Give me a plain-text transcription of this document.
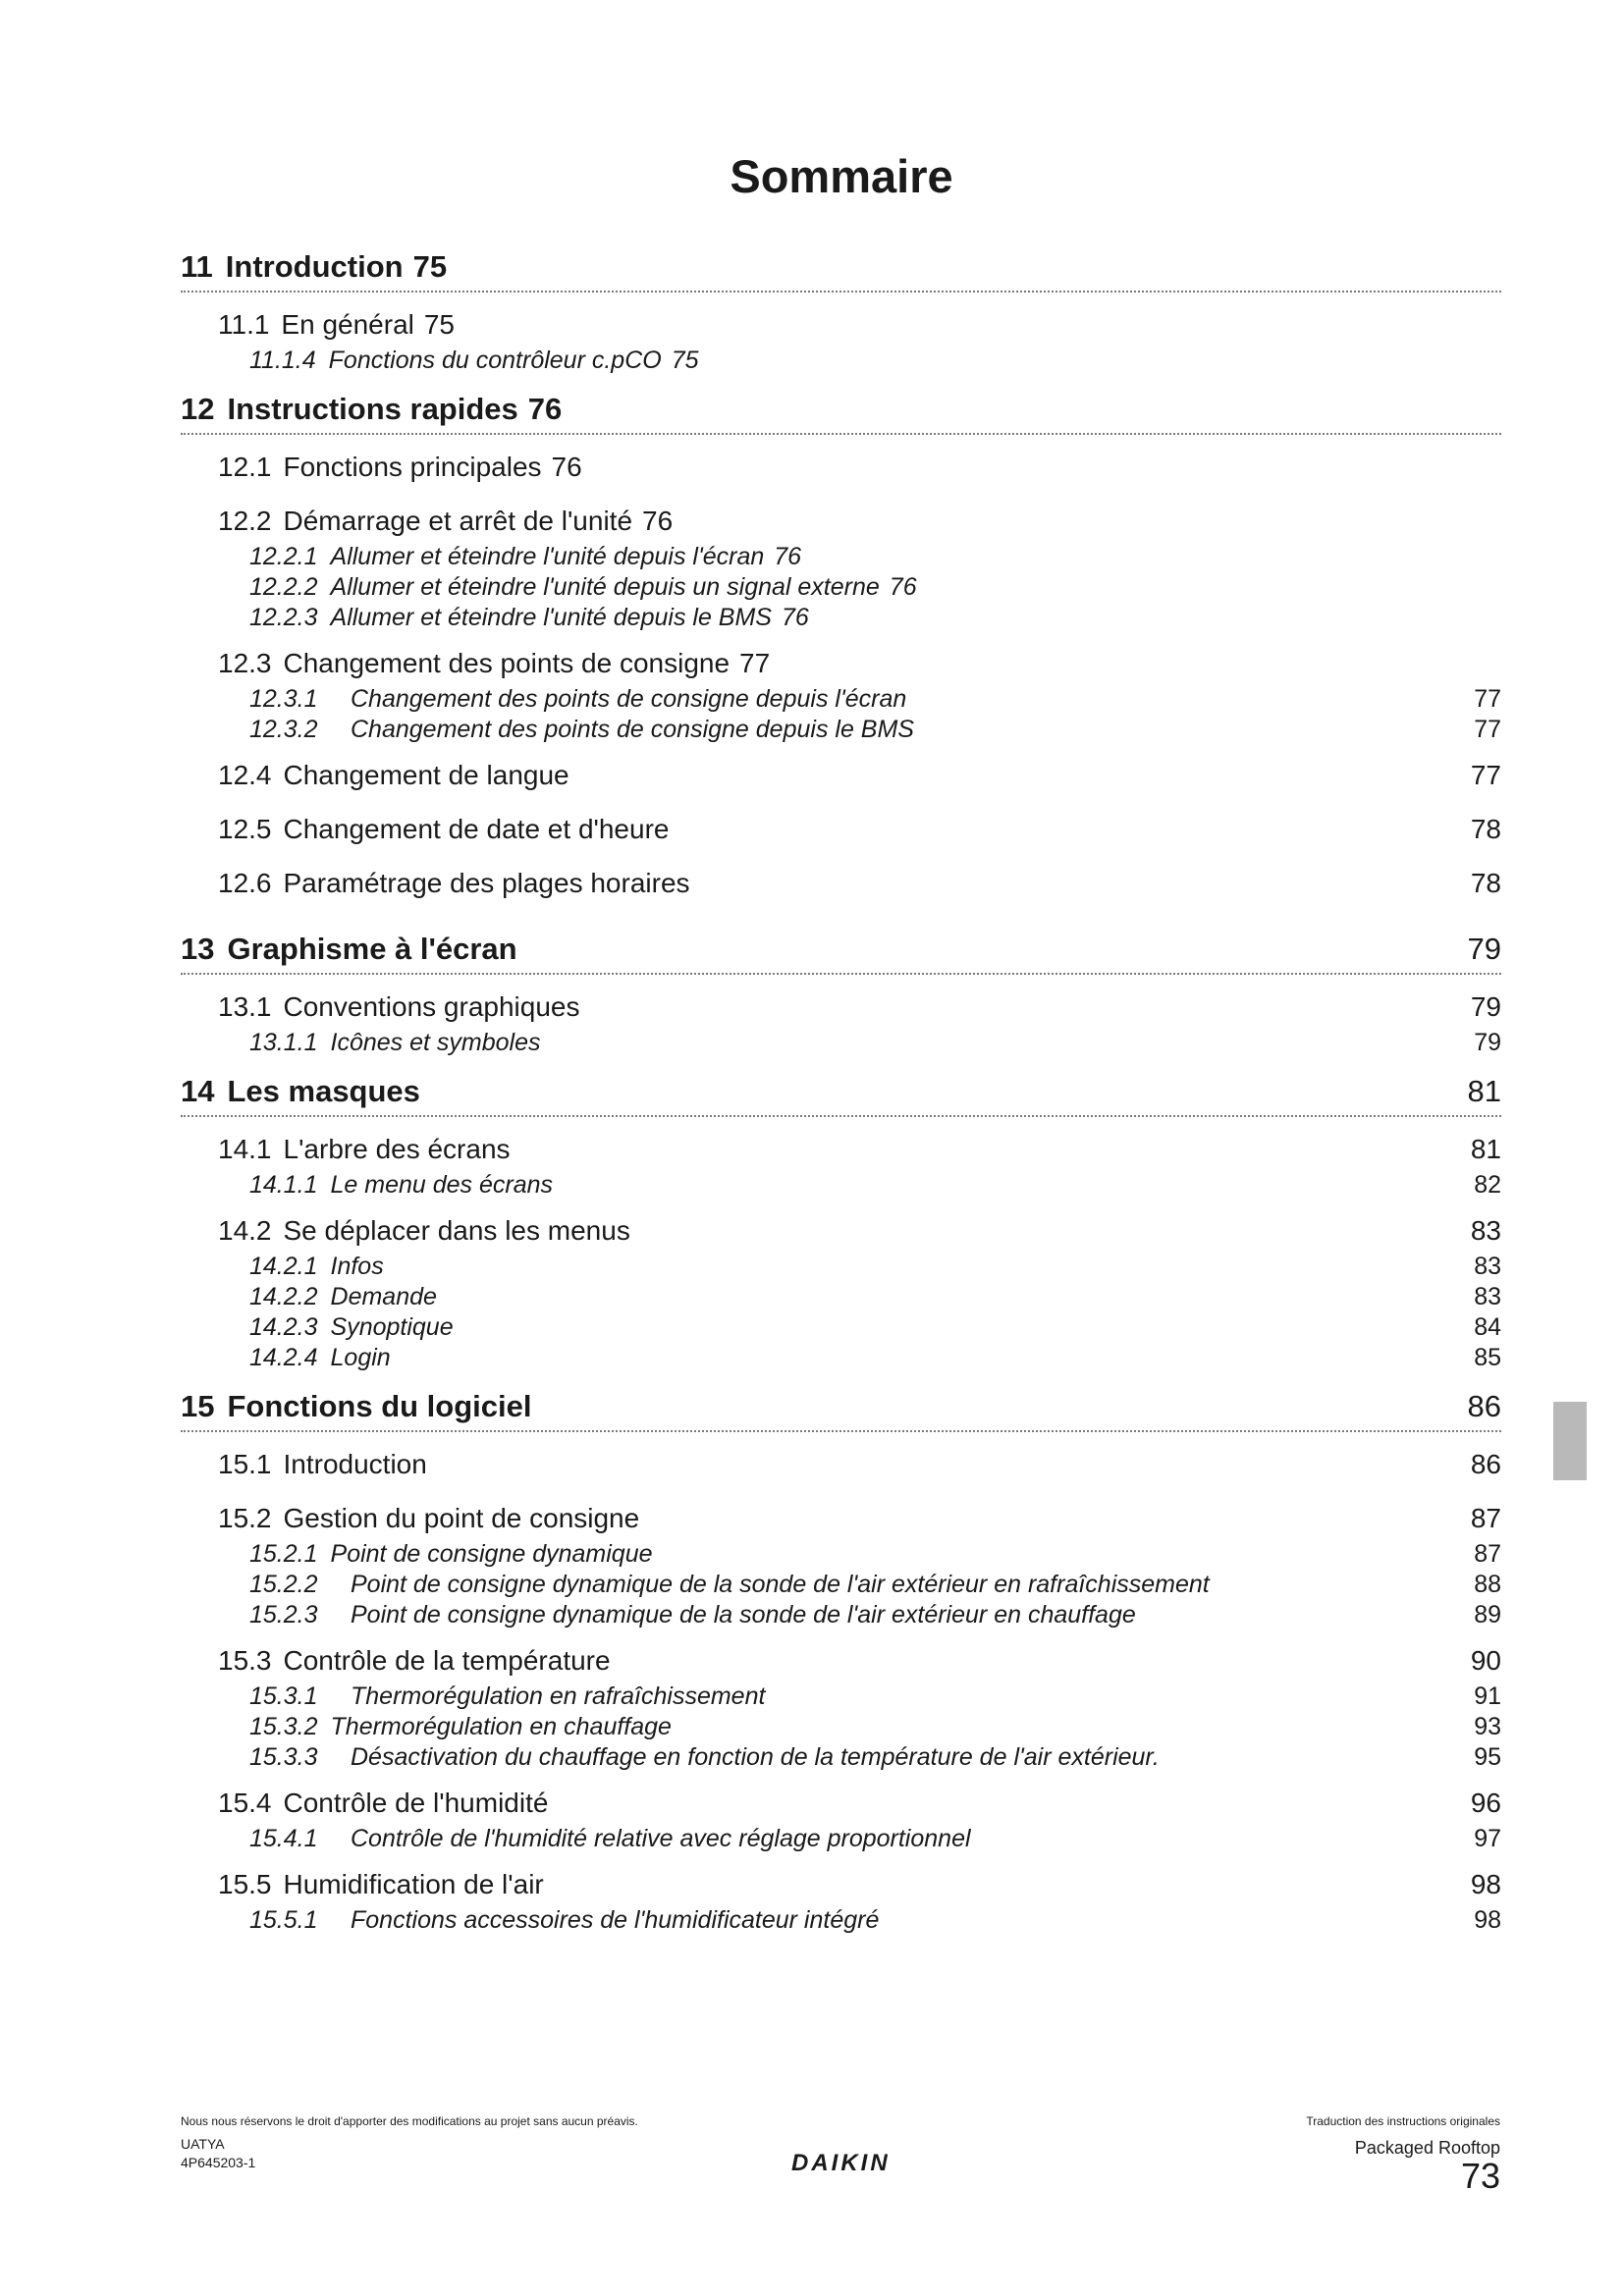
Sommaire
11 Introduction 75
11.1 En général 75
11.1.4 Fonctions du contrôleur c.pCO 75
12 Instructions rapides 76
12.1 Fonctions principales 76
12.2 Démarrage et arrêt de l'unité 76
12.2.1 Allumer et éteindre l'unité depuis l'écran 76
12.2.2 Allumer et éteindre l'unité depuis un signal externe 76
12.2.3 Allumer et éteindre l'unité depuis le BMS 76
12.3 Changement des points de consigne 77
12.3.1 Changement des points de consigne depuis l'écran	77
12.3.2 Changement des points de consigne depuis le BMS	77
12.4 Changement de langue	77
12.5 Changement de date et d'heure	78
12.6 Paramétrage des plages horaires	78
13 Graphisme à l'écran	79
13.1 Conventions graphiques	79
13.1.1 Icônes et symboles	79
14 Les masques	81
14.1 L'arbre des écrans	81
14.1.1 Le menu des écrans	82
14.2 Se déplacer dans les menus	83
14.2.1 Infos	83
14.2.2 Demande	83
14.2.3 Synoptique	84
14.2.4 Login	85
15 Fonctions du logiciel	86
15.1 Introduction	86
15.2 Gestion du point de consigne	87
15.2.1 Point de consigne dynamique	87
15.2.2 Point de consigne dynamique de la sonde de l'air extérieur en rafraîchissement	88
15.2.3 Point de consigne dynamique de la sonde de l'air extérieur en chauffage	89
15.3 Contrôle de la température	90
15.3.1 Thermorégulation en rafraîchissement	91
15.3.2 Thermorégulation en chauffage	93
15.3.3 Désactivation du chauffage en fonction de la température de l'air extérieur.	95
15.4 Contrôle de l'humidité	96
15.4.1 Contrôle de l'humidité relative avec réglage proportionnel	97
15.5 Humidification de l'air	98
15.5.1 Fonctions accessoires de l'humidificateur intégré	98
Nous nous réservons le droit d'apporter des modifications au projet sans aucun préavis.	Traduction des instructions originales
UATYA
4P645203-1	DAIKIN
Packaged Rooftop
73
